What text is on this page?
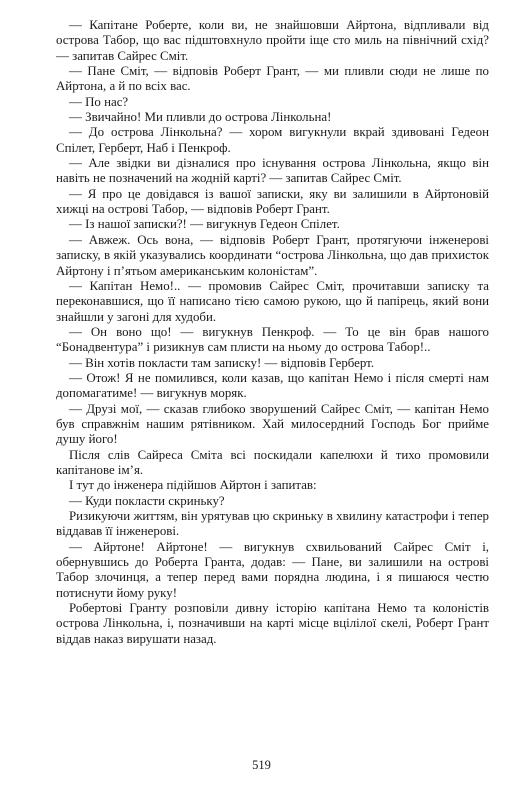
— Капітане Роберте, коли ви, не знайшовши Айртона, відпливали від острова Табор, що вас підштовхнуло пройти іще сто миль на північний схід? — запитав Сайрес Сміт.

— Пане Сміт, — відповів Роберт Грант, — ми пливли сюди не лише по Айртона, а й по всіх вас.

— По нас?

— Звичайно! Ми пливли до острова Лінкольна!

— До острова Лінкольна? — хором вигукнули вкрай здивовані Гедеон Спілет, Герберт, Наб і Пенкроф.

— Але звідки ви дізналися про існування острова Лінкольна, якщо він навіть не позначений на жодній карті? — запитав Сайрес Сміт.

— Я про це довідався із вашої записки, яку ви залишили в Айртоновій хижці на острові Табор, — відповів Роберт Грант.

— Із нашої записки?! — вигукнув Гедеон Спілет.

— Авжеж. Ось вона, — відповів Роберт Грант, протягуючи інженерові записку, в якій указувались координати “острова Лінкольна, що дав прихисток Айртону і п’ятьом американським колоністам”.

— Капітан Немо!.. — промовив Сайрес Сміт, прочитавши записку та переконавшися, що її написано тією самою рукою, що й папірець, який вони знайшли у загоні для худоби.

— Он воно що! — вигукнув Пенкроф. — То це він брав нашого “Бонадвентура” і ризикнув сам плисти на ньому до острова Табор!..

— Він хотів покласти там записку! — відповів Герберт.

— Отож! Я не помилився, коли казав, що капітан Немо і після смерті нам допомагатиме! — вигукнув моряк.

— Друзі мої, — сказав глибоко зворушений Сайрес Сміт, — капітан Немо був справжнім нашим рятівником. Хай милосердний Господь Бог прийме душу його!

Після слів Сайреса Сміта всі поскидали капелюхи й тихо промовили капітанове ім’я.

І тут до інженера підійшов Айртон і запитав:

— Куди покласти скриньку?

Ризикуючи життям, він урятував цю скриньку в хвилину катастрофи і тепер віддавав її інженерові.

— Айртоне! Айртоне! — вигукнув схвильований Сайрес Сміт і, обернувшись до Роберта Гранта, додав: — Пане, ви залишили на острові Табор злочинця, а тепер перед вами порядна людина, і я пишаюся честю потиснути йому руку!

Робертові Гранту розповіли дивну історію капітана Немо та колоністів острова Лінкольна, і, позначивши на карті місце вцілілої скелі, Роберт Грант віддав наказ вирушати назад.

519
